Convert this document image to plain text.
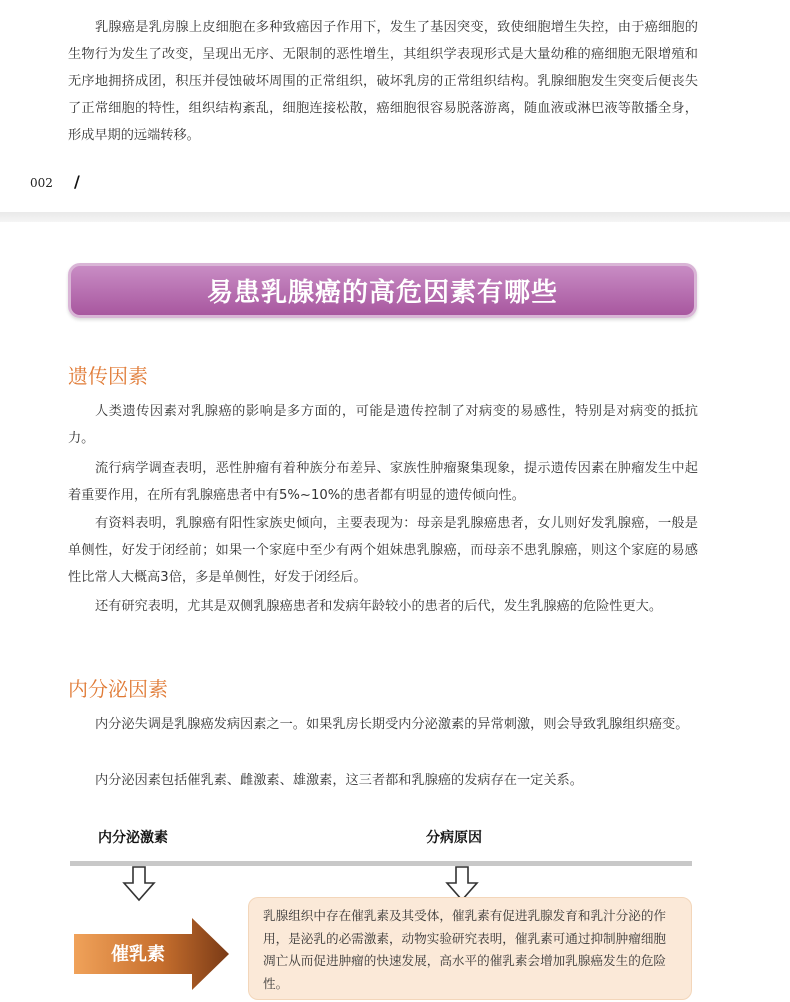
乳腺癌是乳房腺上皮细胞在多种致癌因子作用下，发生了基因突变，致使细胞增生失控，由于癌细胞的生物行为发生了改变，呈现出无序、无限制的恶性增生，其组织学表现形式是大量幼稚的癌细胞无限增殖和无序地拥挤成团，积压并侵蚀破坏周围的正常组织，破坏乳房的正常组织结构。乳腺细胞发生突变后便丧失了正常细胞的特性，组织结构紊乱，细胞连接松散，癌细胞很容易脱落游离，随血液或淋巴液等散播全身，形成早期的远端转移。

002 /
易患乳腺癌的高危因素有哪些
遗传因素

人类遗传因素对乳腺癌的影响是多方面的，可能是遗传控制了对病变的易感性，特别是对病变的抵抗力。

流行病学调查表明，恶性肿瘤有着种族分布差异、家族性肿瘤聚集现象，提示遗传因素在肿瘤发生中起着重要作用，在所有乳腺癌患者中有5%~10%的患者都有明显的遗传倾向性。

有资料表明，乳腺癌有阳性家族史倾向，主要表现为：母亲是乳腺癌患者，女儿则好发乳腺癌，一般是单侧性，好发于闭经前；如果一个家庭中至少有两个姐妹患乳腺癌，而母亲不患乳腺癌，则这个家庭的易感性比常人大概高3倍，多是单侧性，好发于闭经后。

还有研究表明，尤其是双侧乳腺癌患者和发病年龄较小的患者的后代，发生乳腺癌的危险性更大。

内分泌因素

内分泌失调是乳腺癌发病因素之一。如果乳房长期受内分泌激素的异常刺激，则会导致乳腺组织癌变。

内分泌因素包括催乳素、雌激素、雄激素，这三者都和乳腺癌的发病存在一定关系。

内分泌激素	分病原因
催乳素
乳腺组织中存在催乳素及其受体，催乳素有促进乳腺发育和乳汁分泌的作用，是泌乳的必需激素，动物实验研究表明，催乳素可通过抑制肿瘤细胞凋亡从而促进肿瘤的快速发展，高水平的催乳素会增加乳腺癌发生的危险性。
